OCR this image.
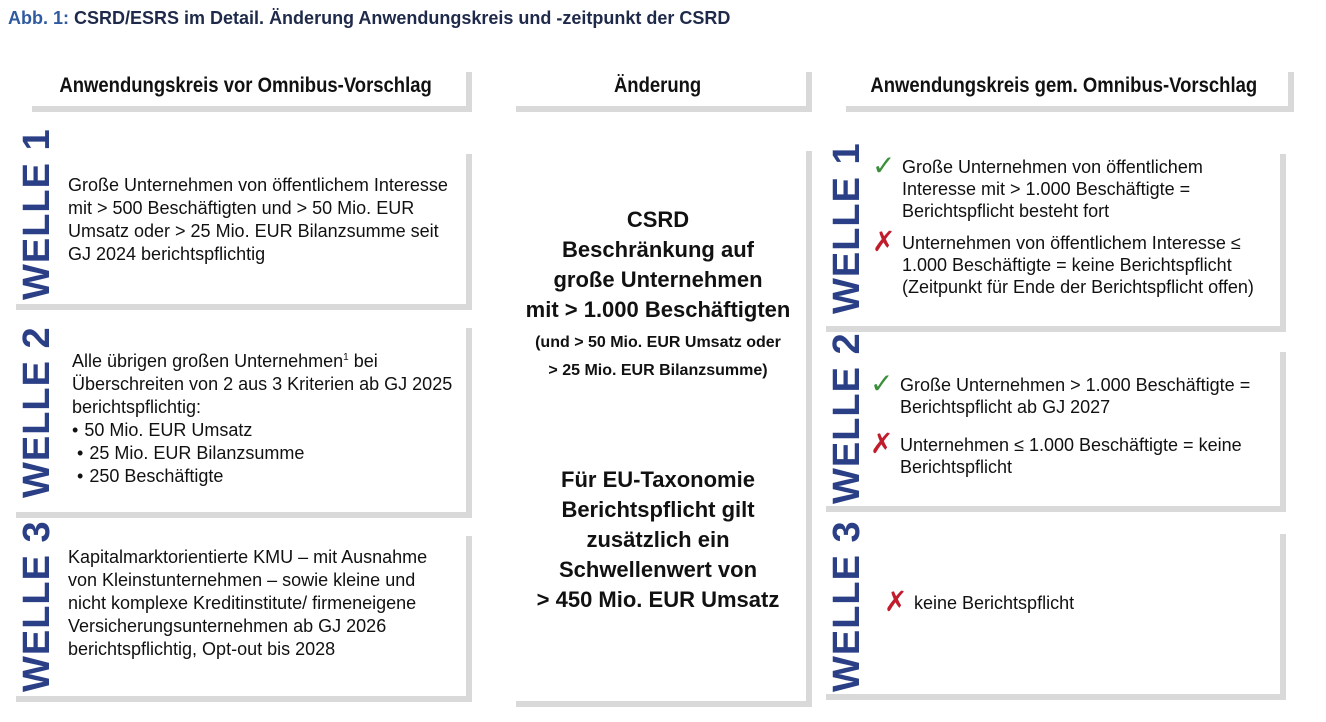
Abb. 1: CSRD/ESRS im Detail. Änderung Anwendungskreis und -zeitpunkt der CSRD
Anwendungskreis vor Omnibus-Vorschlag	Änderung	Anwendungskreis gem. Omnibus-Vorschlag
WELLE 1 Große Unternehmen von öffentlichem Interesse mit > 500 Beschäftigten und > 50 Mio. EUR Umsatz oder > 25 Mio. EUR Bilanzsumme seit GJ 2024 berichtspflichtig
WELLE 2 Alle übrigen großen Unternehmen$^1$ bei Überschreiten von 2 aus 3 Kriterien ab GJ 2025 berichtspflichtig:
• 50 Mio. EUR Umsatz
• 25 Mio. EUR Bilanzsumme
• 250 Beschäftigte
WELLE 3 Kapitalmarktorientierte KMU – mit Ausnahme von Kleinstunternehmen – sowie kleine und nicht komplexe Kreditinstitute/ firmeneigene Versicherungsunternehmen ab GJ 2026 berichtspflichtig, Opt-out bis 2028
CSRD
Beschränkung auf
große Unternehmen
mit > 1.000 Beschäftigten
(und > 50 Mio. EUR Umsatz oder
> 25 Mio. EUR Bilanzsumme)
Für EU-Taxonomie
Berichtspflicht gilt
zusätzlich ein
Schwellenwert von
> 450 Mio. EUR Umsatz
WELLE 1 ✓ Große Unternehmen von öffentlichem Interesse mit > 1.000 Beschäftigte = Berichtspflicht besteht fort
✗ Unternehmen von öffentlichem Interesse ≤ 1.000 Beschäftigte = keine Berichtspflicht (Zeitpunkt für Ende der Berichtspflicht offen)
WELLE 2 ✓ Große Unternehmen > 1.000 Beschäftigte = Berichtspflicht ab GJ 2027
✗ Unternehmen ≤ 1.000 Beschäftigte = keine Berichtspflicht
WELLE 3 ✗ keine Berichtspflicht
